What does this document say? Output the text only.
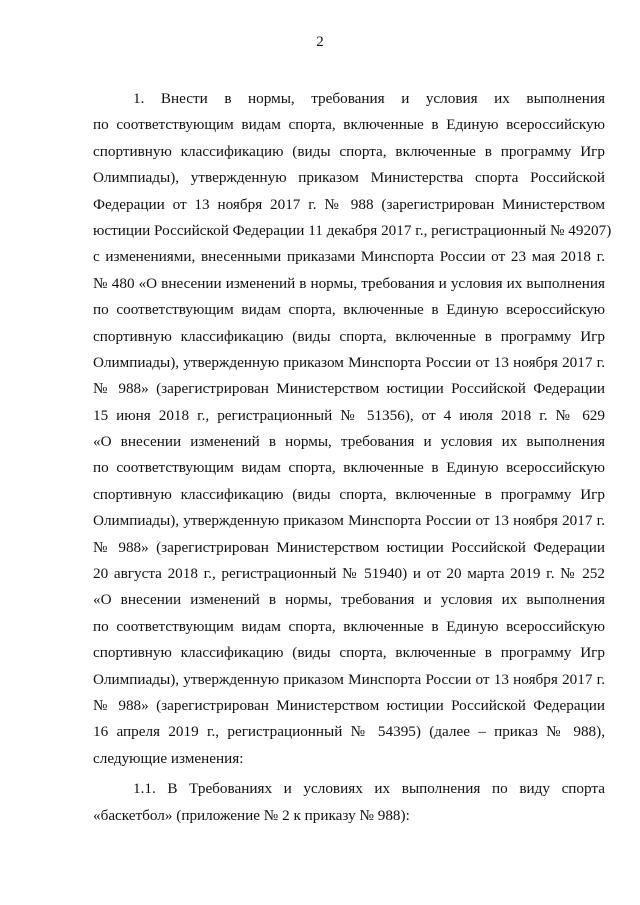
2
1. Внести в нормы, требования и условия их выполнения
по соответствующим видам спорта, включенные в Единую всероссийскую
спортивную классификацию (виды спорта, включенные в программу Игр
Олимпиады), утвержденную приказом Министерства спорта Российской
Федерации от 13 ноября 2017 г. № 988 (зарегистрирован Министерством
юстиции Российской Федерации 11 декабря 2017 г., регистрационный № 49207)
с изменениями, внесенными приказами Минспорта России от 23 мая 2018 г.
№ 480 «О внесении изменений в нормы, требования и условия их выполнения
по соответствующим видам спорта, включенные в Единую всероссийскую
спортивную классификацию (виды спорта, включенные в программу Игр
Олимпиады), утвержденную приказом Минспорта России от 13 ноября 2017 г.
№ 988» (зарегистрирован Министерством юстиции Российской Федерации
15 июня 2018 г., регистрационный № 51356), от 4 июля 2018 г. № 629
«О внесении изменений в нормы, требования и условия их выполнения
по соответствующим видам спорта, включенные в Единую всероссийскую
спортивную классификацию (виды спорта, включенные в программу Игр
Олимпиады), утвержденную приказом Минспорта России от 13 ноября 2017 г.
№ 988» (зарегистрирован Министерством юстиции Российской Федерации
20 августа 2018 г., регистрационный № 51940) и от 20 марта 2019 г. № 252
«О внесении изменений в нормы, требования и условия их выполнения
по соответствующим видам спорта, включенные в Единую всероссийскую
спортивную классификацию (виды спорта, включенные в программу Игр
Олимпиады), утвержденную приказом Минспорта России от 13 ноября 2017 г.
№ 988» (зарегистрирован Министерством юстиции Российской Федерации
16 апреля 2019 г., регистрационный № 54395) (далее – приказ № 988),
следующие изменения:
1.1. В Требованиях и условиях их выполнения по виду спорта
«баскетбол» (приложение № 2 к приказу № 988):
